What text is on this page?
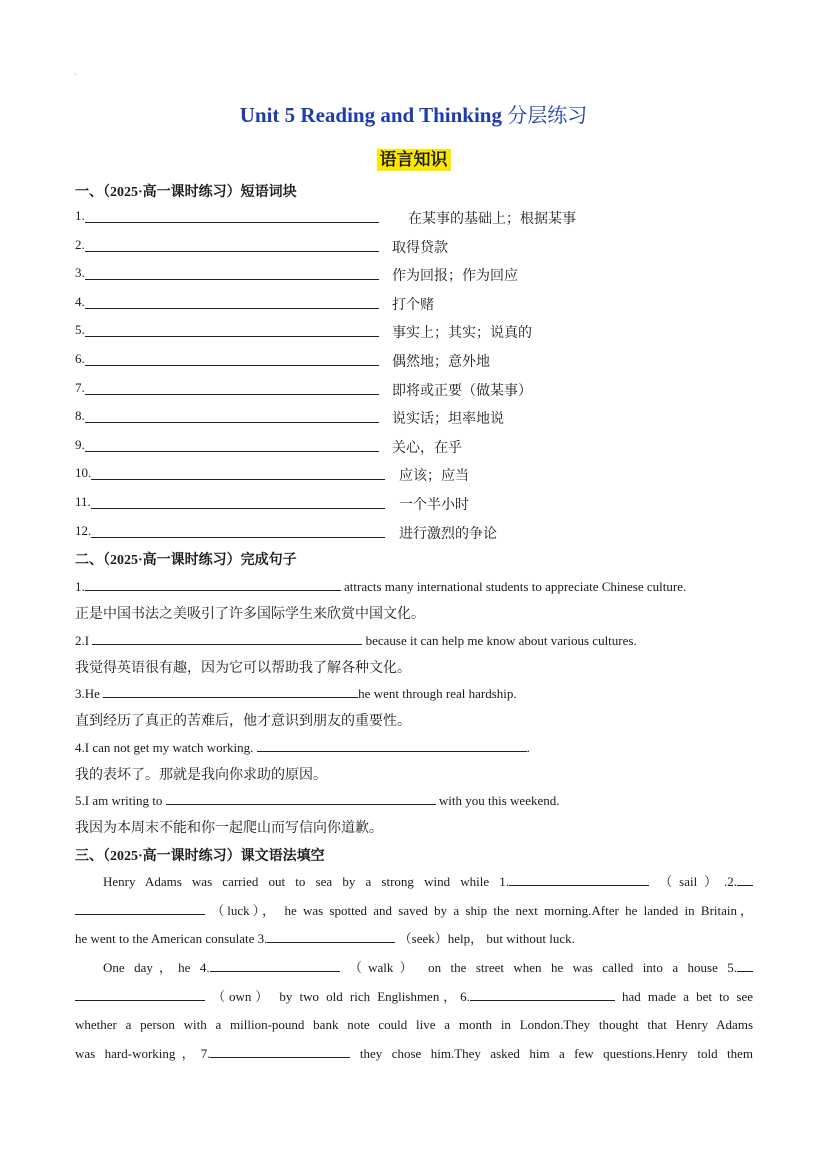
·
Unit 5 Reading and Thinking 分层练习
语言知识
一、（2025·高一课时练习）短语词块
1.	在某事的基础上；根据某事
2.	取得贷款
3.	作为回报；作为回应
4.	打个赌
5.	事实上；其实；说真的
6.	偶然地；意外地
7.	即将或正要（做某事）
8.	说实话；坦率地说
9.	关心，在乎
10.	应该；应当
11.	一个半小时
12.	进行激烈的争论
二、（2025·高一课时练习）完成句子
1.	attracts many international students to appreciate Chinese culture.
正是中国书法之美吸引了许多国际学生来欣赏中国文化。
2.I	because it can help me know about various cultures.
我觉得英语很有趣，因为它可以帮助我了解各种文化。
3.He	he went through real hardship.
直到经历了真正的苦难后，他才意识到朋友的重要性。
4.I can not get my watch working.	.
我的表坏了。那就是我向你求助的原因。
5.I am writing to	with you this weekend.
我因为本周末不能和你一起爬山而写信向你道歉。
三、（2025·高一课时练习）课文语法填空
Henry Adams was carried out to sea by a strong wind while 1.	（sail）.2.
（luck）， he was spotted and saved by a ship the next morning.After he landed in Britain，
he went to the American consulate 3.	（seek）help， but without luck.
One day，he 4.	（walk） on the street when he was called into a house 5.
（own） by two old rich Englishmen，6.	had made a bet to see
whether a person with a million-pound bank note could live a month in London.They thought that Henry Adams
was hard-working，7.	they chose him.They asked him a few questions.Henry told them
